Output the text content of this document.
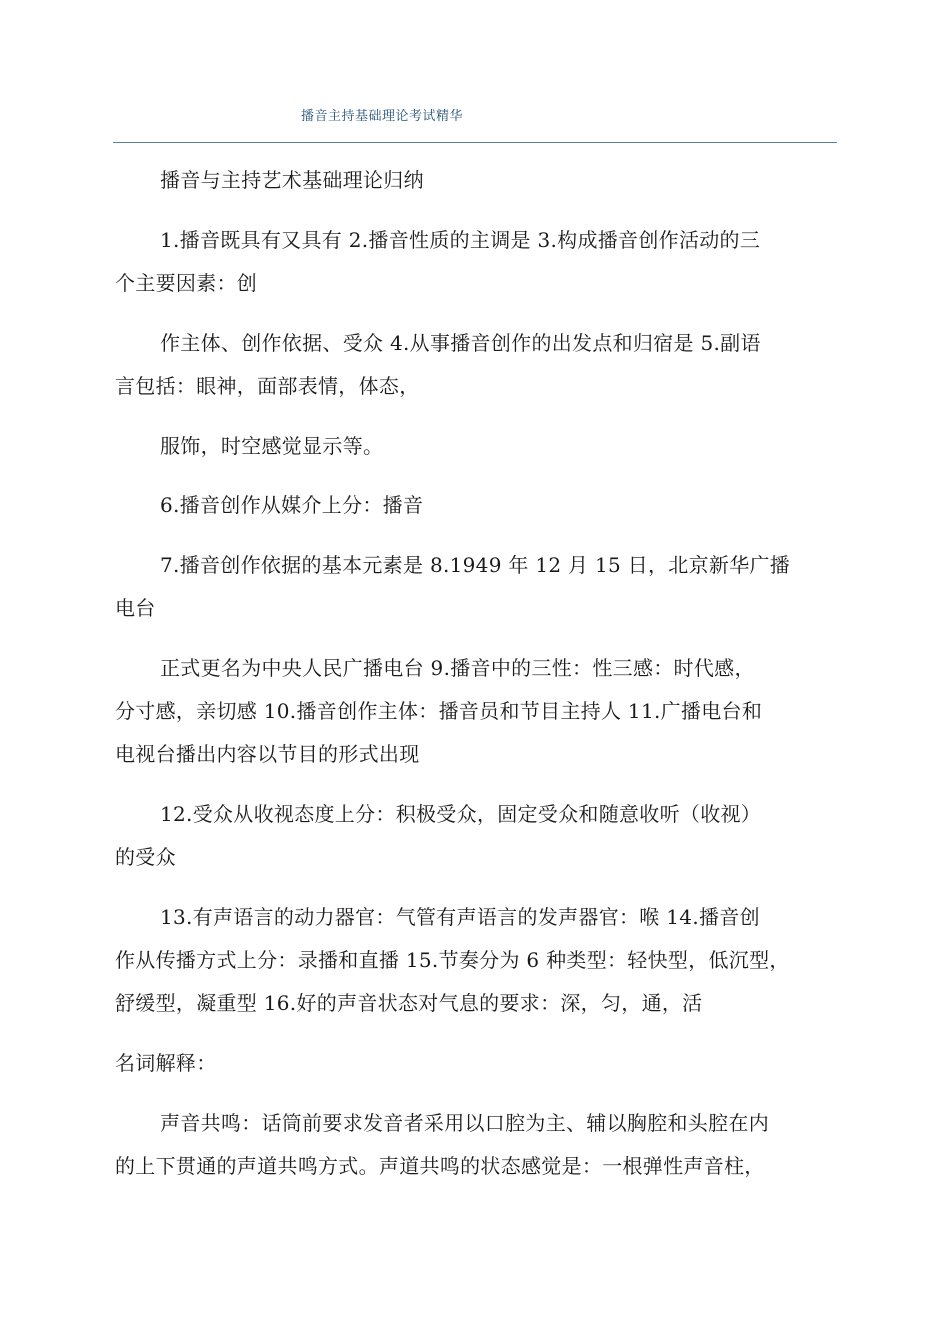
播音主持基础理论考试精华
播音与主持艺术基础理论归纳
1.播音既具有又具有 2.播音性质的主调是 3.构成播音创作活动的三
个主要因素：创
作主体、创作依据、受众 4.从事播音创作的出发点和归宿是 5.副语
言包括：眼神，面部表情，体态，
服饰，时空感觉显示等。
6.播音创作从媒介上分：播音
7.播音创作依据的基本元素是 8.1949 年 12 月 15 日，北京新华广播
电台
正式更名为中央人民广播电台 9.播音中的三性：性三感：时代感，
分寸感，亲切感 10.播音创作主体：播音员和节目主持人 11.广播电台和
电视台播出内容以节目的形式出现
12.受众从收视态度上分：积极受众，固定受众和随意收听（收视）
的受众
13.有声语言的动力器官：气管有声语言的发声器官：喉 14.播音创
作从传播方式上分：录播和直播 15.节奏分为 6 种类型：轻快型，低沉型，
舒缓型，凝重型 16.好的声音状态对气息的要求：深，匀，通，活
名词解释：
声音共鸣：话筒前要求发音者采用以口腔为主、辅以胸腔和头腔在内
的上下贯通的声道共鸣方式。声道共鸣的状态感觉是：一根弹性声音柱，
